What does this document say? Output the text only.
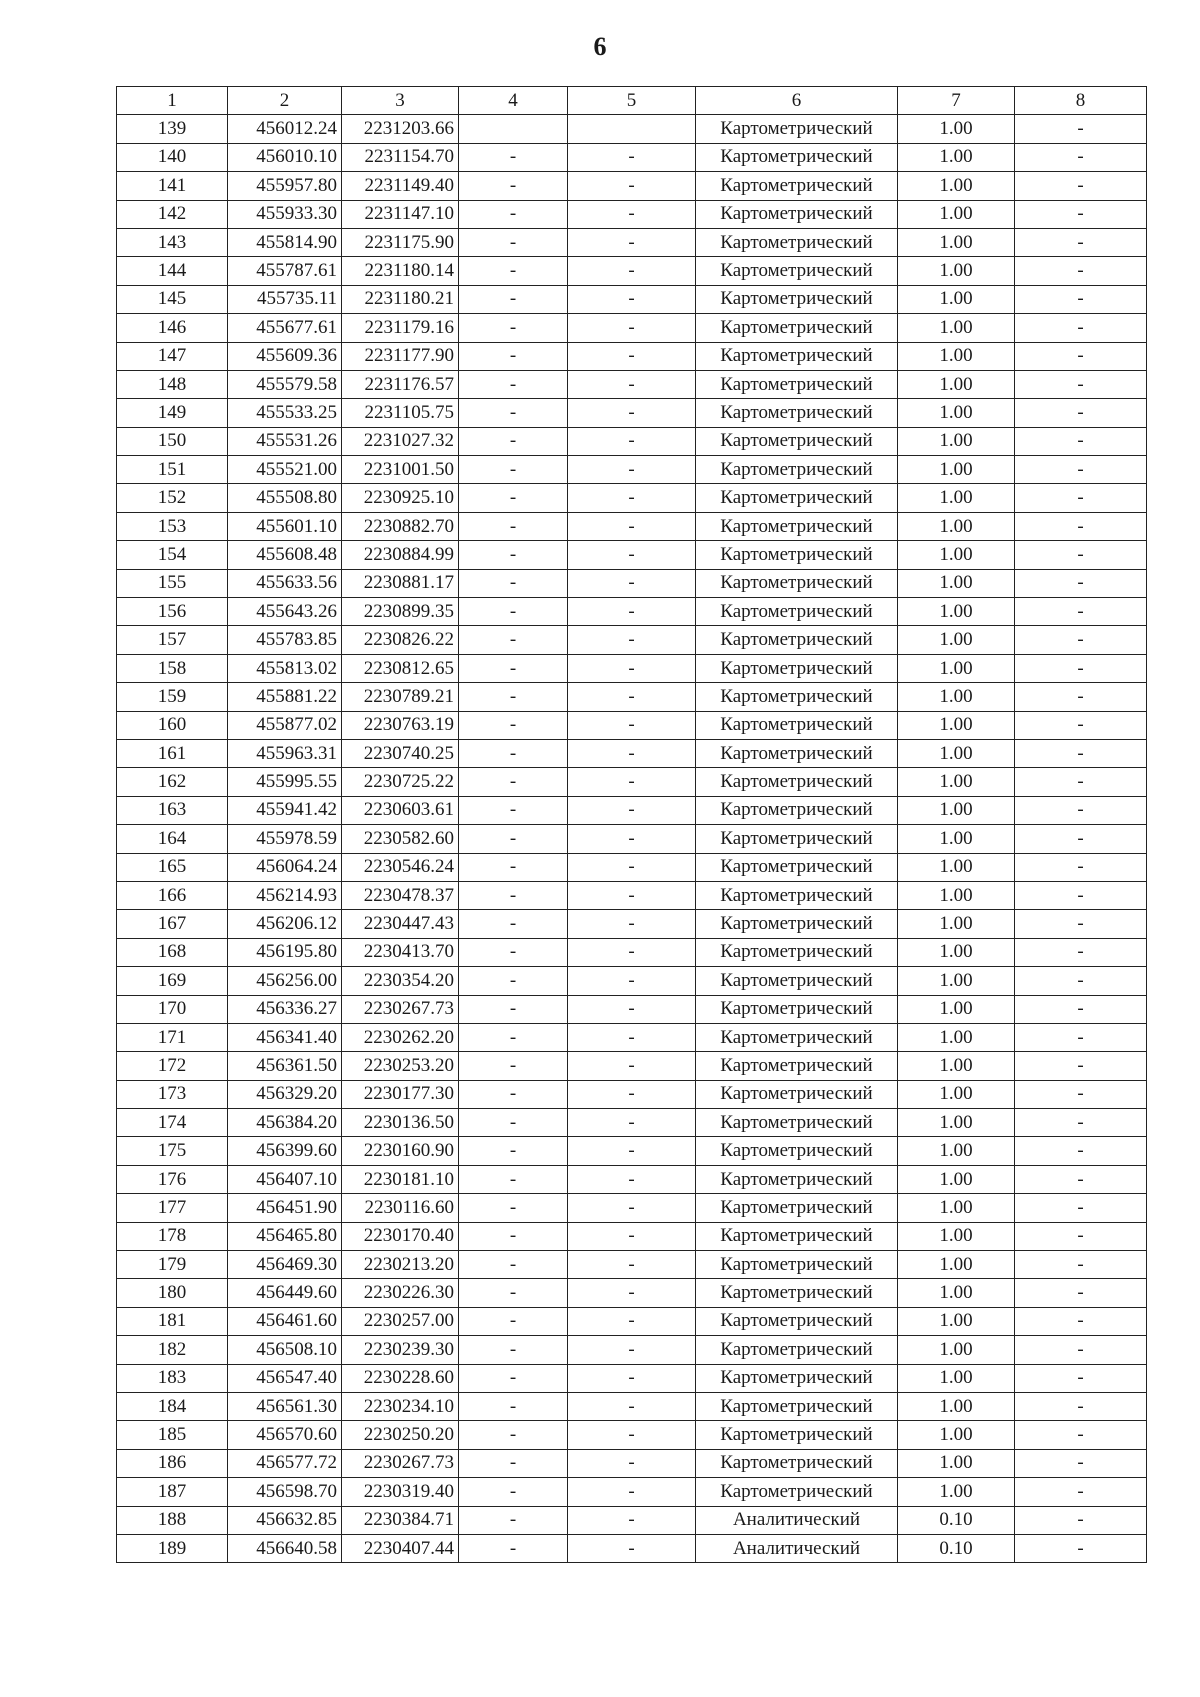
6
1	2	3	4	5	6	7	8
139	456012.24	2231203.66			Картометрический	1.00	-
140	456010.10	2231154.70	-	-	Картометрический	1.00	-
141	455957.80	2231149.40	-	-	Картометрический	1.00	-
142	455933.30	2231147.10	-	-	Картометрический	1.00	-
143	455814.90	2231175.90	-	-	Картометрический	1.00	-
144	455787.61	2231180.14	-	-	Картометрический	1.00	-
145	455735.11	2231180.21	-	-	Картометрический	1.00	-
146	455677.61	2231179.16	-	-	Картометрический	1.00	-
147	455609.36	2231177.90	-	-	Картометрический	1.00	-
148	455579.58	2231176.57	-	-	Картометрический	1.00	-
149	455533.25	2231105.75	-	-	Картометрический	1.00	-
150	455531.26	2231027.32	-	-	Картометрический	1.00	-
151	455521.00	2231001.50	-	-	Картометрический	1.00	-
152	455508.80	2230925.10	-	-	Картометрический	1.00	-
153	455601.10	2230882.70	-	-	Картометрический	1.00	-
154	455608.48	2230884.99	-	-	Картометрический	1.00	-
155	455633.56	2230881.17	-	-	Картометрический	1.00	-
156	455643.26	2230899.35	-	-	Картометрический	1.00	-
157	455783.85	2230826.22	-	-	Картометрический	1.00	-
158	455813.02	2230812.65	-	-	Картометрический	1.00	-
159	455881.22	2230789.21	-	-	Картометрический	1.00	-
160	455877.02	2230763.19	-	-	Картометрический	1.00	-
161	455963.31	2230740.25	-	-	Картометрический	1.00	-
162	455995.55	2230725.22	-	-	Картометрический	1.00	-
163	455941.42	2230603.61	-	-	Картометрический	1.00	-
164	455978.59	2230582.60	-	-	Картометрический	1.00	-
165	456064.24	2230546.24	-	-	Картометрический	1.00	-
166	456214.93	2230478.37	-	-	Картометрический	1.00	-
167	456206.12	2230447.43	-	-	Картометрический	1.00	-
168	456195.80	2230413.70	-	-	Картометрический	1.00	-
169	456256.00	2230354.20	-	-	Картометрический	1.00	-
170	456336.27	2230267.73	-	-	Картометрический	1.00	-
171	456341.40	2230262.20	-	-	Картометрический	1.00	-
172	456361.50	2230253.20	-	-	Картометрический	1.00	-
173	456329.20	2230177.30	-	-	Картометрический	1.00	-
174	456384.20	2230136.50	-	-	Картометрический	1.00	-
175	456399.60	2230160.90	-	-	Картометрический	1.00	-
176	456407.10	2230181.10	-	-	Картометрический	1.00	-
177	456451.90	2230116.60	-	-	Картометрический	1.00	-
178	456465.80	2230170.40	-	-	Картометрический	1.00	-
179	456469.30	2230213.20	-	-	Картометрический	1.00	-
180	456449.60	2230226.30	-	-	Картометрический	1.00	-
181	456461.60	2230257.00	-	-	Картометрический	1.00	-
182	456508.10	2230239.30	-	-	Картометрический	1.00	-
183	456547.40	2230228.60	-	-	Картометрический	1.00	-
184	456561.30	2230234.10	-	-	Картометрический	1.00	-
185	456570.60	2230250.20	-	-	Картометрический	1.00	-
186	456577.72	2230267.73	-	-	Картометрический	1.00	-
187	456598.70	2230319.40	-	-	Картометрический	1.00	-
188	456632.85	2230384.71	-	-	Аналитический	0.10	-
189	456640.58	2230407.44	-	-	Аналитический	0.10	-
